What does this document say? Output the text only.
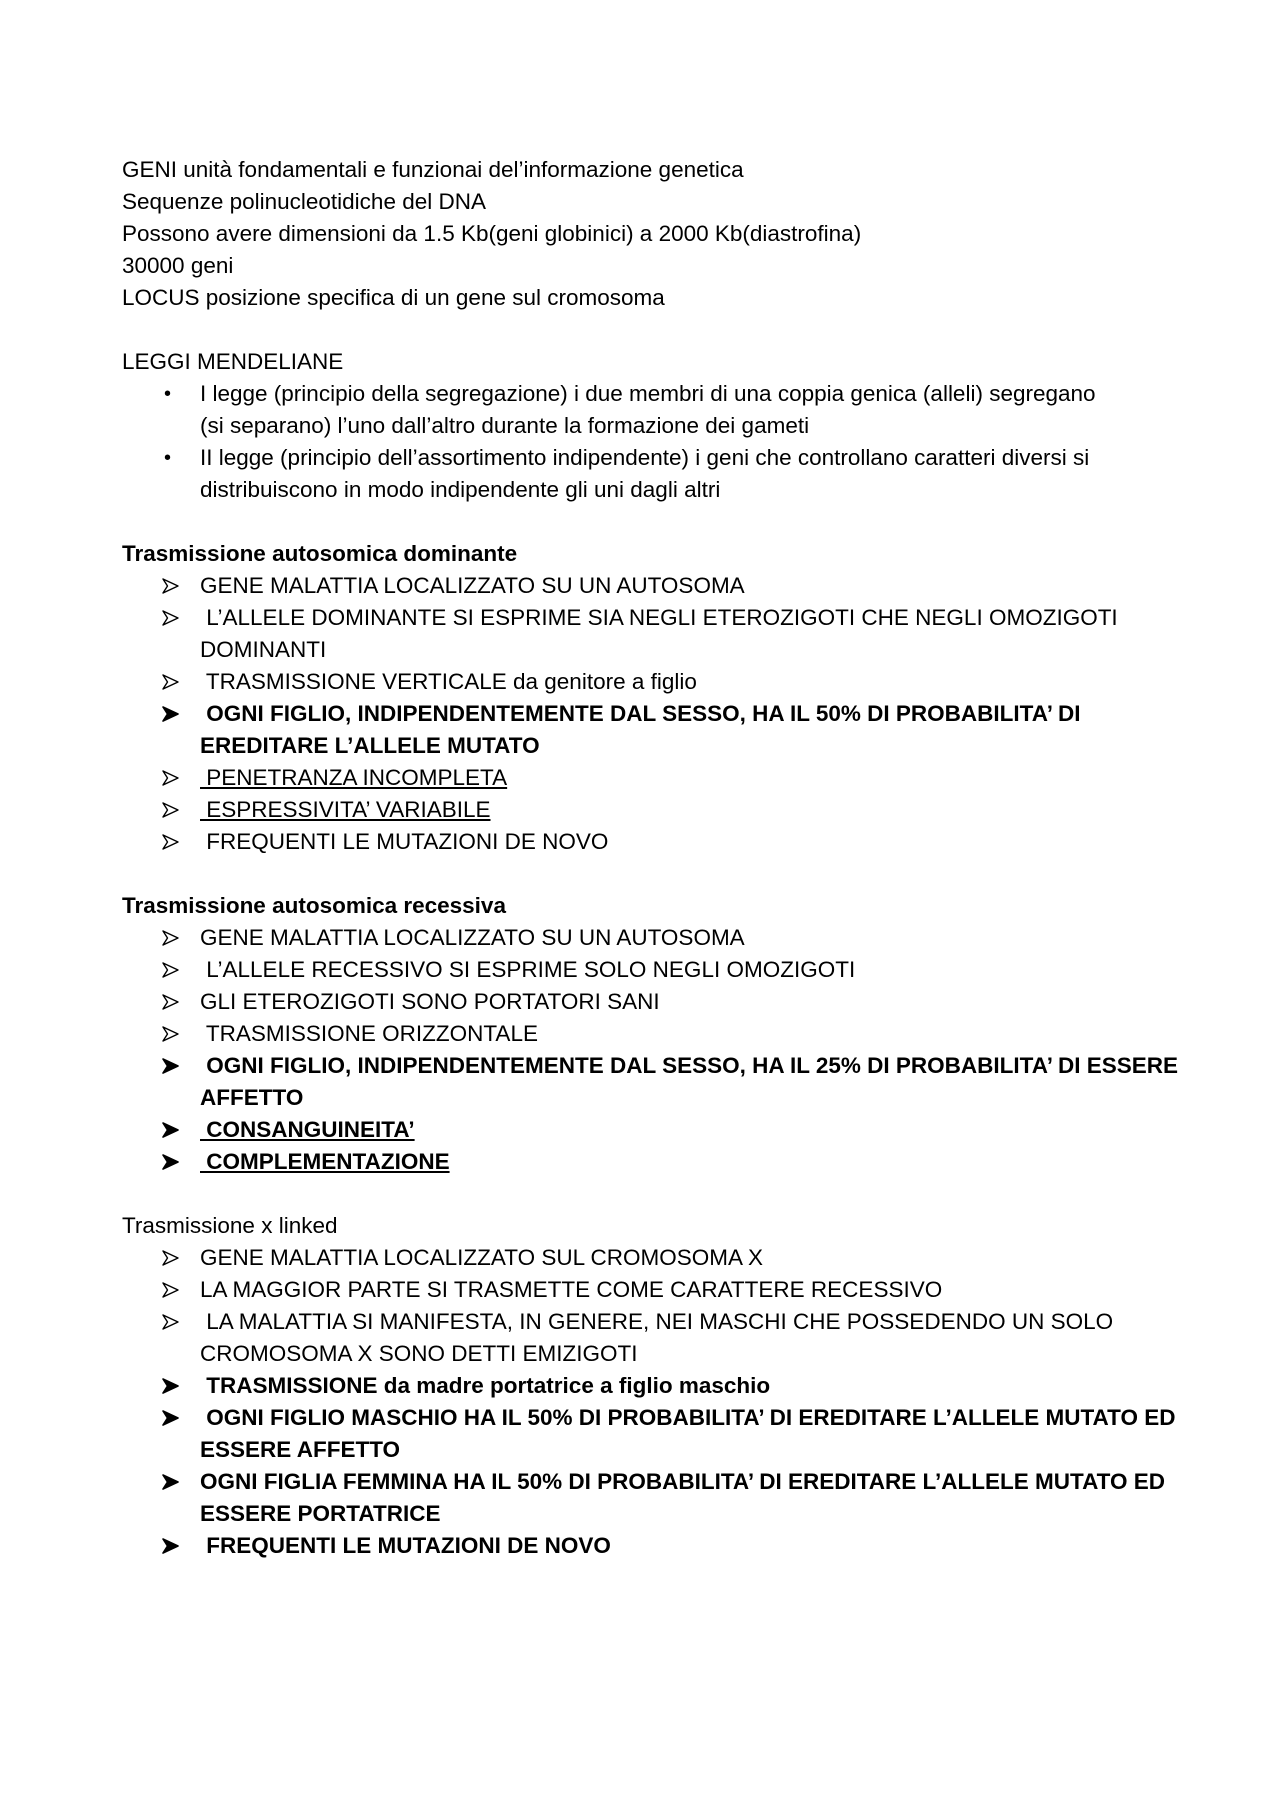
GENI unità fondamentali e funzionai del’informazione genetica

Sequenze polinucleotidiche del DNA

Possono avere dimensioni da 1.5 Kb(geni globinici) a 2000 Kb(diastrofina)

30000 geni

LOCUS posizione specifica di un gene sul cromosoma

LEGGI MENDELIANE

•	I legge (principio della segregazione) i due membri di una coppia genica (alleli) segregano
(si separano) l’uno dall’altro durante la formazione dei gameti
•	II legge (principio dell’assortimento indipendente) i geni che controllano caratteri diversi si
distribuiscono in modo indipendente gli uni dagli altri

Trasmissione autosomica dominante

GENE MALATTIA LOCALIZZATO SU UN AUTOSOMA
L’ALLELE DOMINANTE SI ESPRIME SIA NEGLI ETEROZIGOTI CHE NEGLI OMOZIGOTI
DOMINANTI
TRASMISSIONE VERTICALE da genitore a figlio
OGNI FIGLIO, INDIPENDENTEMENTE DAL SESSO, HA IL 50% DI PROBABILITA’ DI
EREDITARE L’ALLELE MUTATO
PENETRANZA INCOMPLETA
ESPRESSIVITA’ VARIABILE
FREQUENTI LE MUTAZIONI DE NOVO

Trasmissione autosomica recessiva

GENE MALATTIA LOCALIZZATO SU UN AUTOSOMA
L’ALLELE RECESSIVO SI ESPRIME SOLO NEGLI OMOZIGOTI
GLI ETEROZIGOTI SONO PORTATORI SANI
TRASMISSIONE ORIZZONTALE
OGNI FIGLIO, INDIPENDENTEMENTE DAL SESSO, HA IL 25% DI PROBABILITA’ DI ESSERE
AFFETTO
CONSANGUINEITA’
COMPLEMENTAZIONE

Trasmissione x linked

GENE MALATTIA LOCALIZZATO SUL CROMOSOMA X
LA MAGGIOR PARTE SI TRASMETTE COME CARATTERE RECESSIVO
LA MALATTIA SI MANIFESTA, IN GENERE, NEI MASCHI CHE POSSEDENDO UN SOLO
CROMOSOMA X SONO DETTI EMIZIGOTI
TRASMISSIONE da madre portatrice a figlio maschio
OGNI FIGLIO MASCHIO HA IL 50% DI PROBABILITA’ DI EREDITARE L’ALLELE MUTATO ED
ESSERE AFFETTO
OGNI FIGLIA FEMMINA HA IL 50% DI PROBABILITA’ DI EREDITARE L’ALLELE MUTATO ED
ESSERE PORTATRICE
FREQUENTI LE MUTAZIONI DE NOVO
